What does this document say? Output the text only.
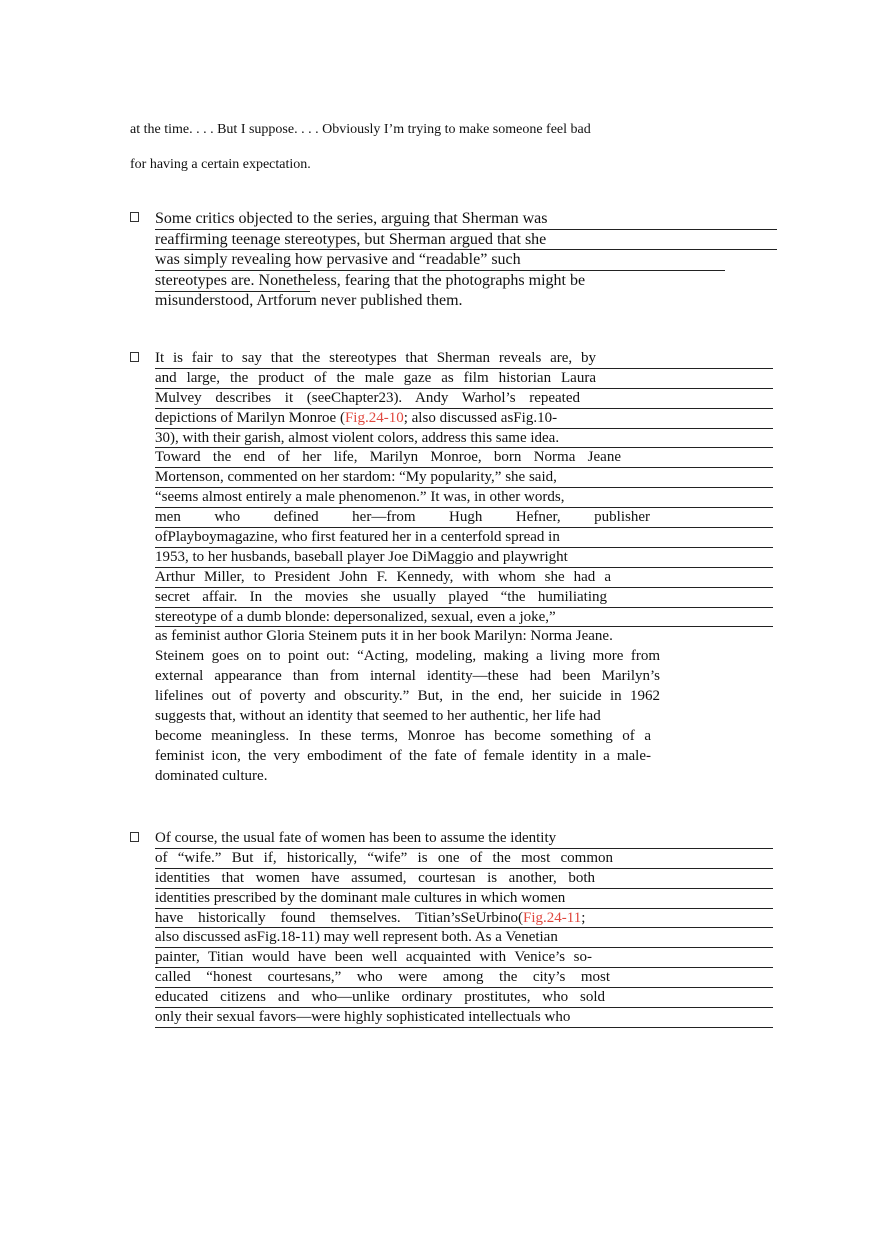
at the time. . . . But I suppose. . . . Obviously I’m trying to make someone feel bad
for having a certain expectation.
Some critics objected to the series, arguing that Sherman was
reaffirming teenage stereotypes, but Sherman argued that she
was simply revealing how pervasive and “readable” such
stereotypes are. Nonetheless, fearing that the photographs might be
misunderstood, Artforum never published them.
It is fair to say that the stereotypes that Sherman reveals are, by
and large, the product of the male gaze as film historian Laura
Mulvey describes it (seeChapter23). Andy Warhol’s repeated
depictions of Marilyn Monroe (Fig.24-10; also discussed asFig.10-
30), with their garish, almost violent colors, address this same idea.
Toward the end of her life, Marilyn Monroe, born Norma Jeane
Mortenson, commented on her stardom: “My popularity,” she said,
“seems almost entirely a male phenomenon.” It was, in other words,
men who defined her—from Hugh Hefner, publisher
ofPlayboymagazine, who first featured her in a centerfold spread in
1953, to her husbands, baseball player Joe DiMaggio and playwright
Arthur Miller, to President John F. Kennedy, with whom she had a
secret affair. In the movies she usually played “the humiliating
stereotype of a dumb blonde: depersonalized, sexual, even a joke,”
as feminist author Gloria Steinem puts it in her book Marilyn: Norma Jeane.
Steinem goes on to point out: “Acting, modeling, making a living more from
external appearance than from internal identity—these had been Marilyn’s
lifelines out of poverty and obscurity.” But, in the end, her suicide in 1962
suggests that, without an identity that seemed to her authentic, her life had
become meaningless. In these terms, Monroe has become something of a
feminist icon, the very embodiment of the fate of female identity in a male-
dominated culture.
Of course, the usual fate of women has been to assume the identity
of “wife.” But if, historically, “wife” is one of the most common
identities that women have assumed, courtesan is another, both
identities prescribed by the dominant male cultures in which women
have historically found themselves. Titian’sSeUrbino(Fig.24-11;
also discussed asFig.18-11) may well represent both. As a Venetian
painter, Titian would have been well acquainted with Venice’s so-
called “honest courtesans,” who were among the city’s most
educated citizens and who—unlike ordinary prostitutes, who sold
only their sexual favors—were highly sophisticated intellectuals who
